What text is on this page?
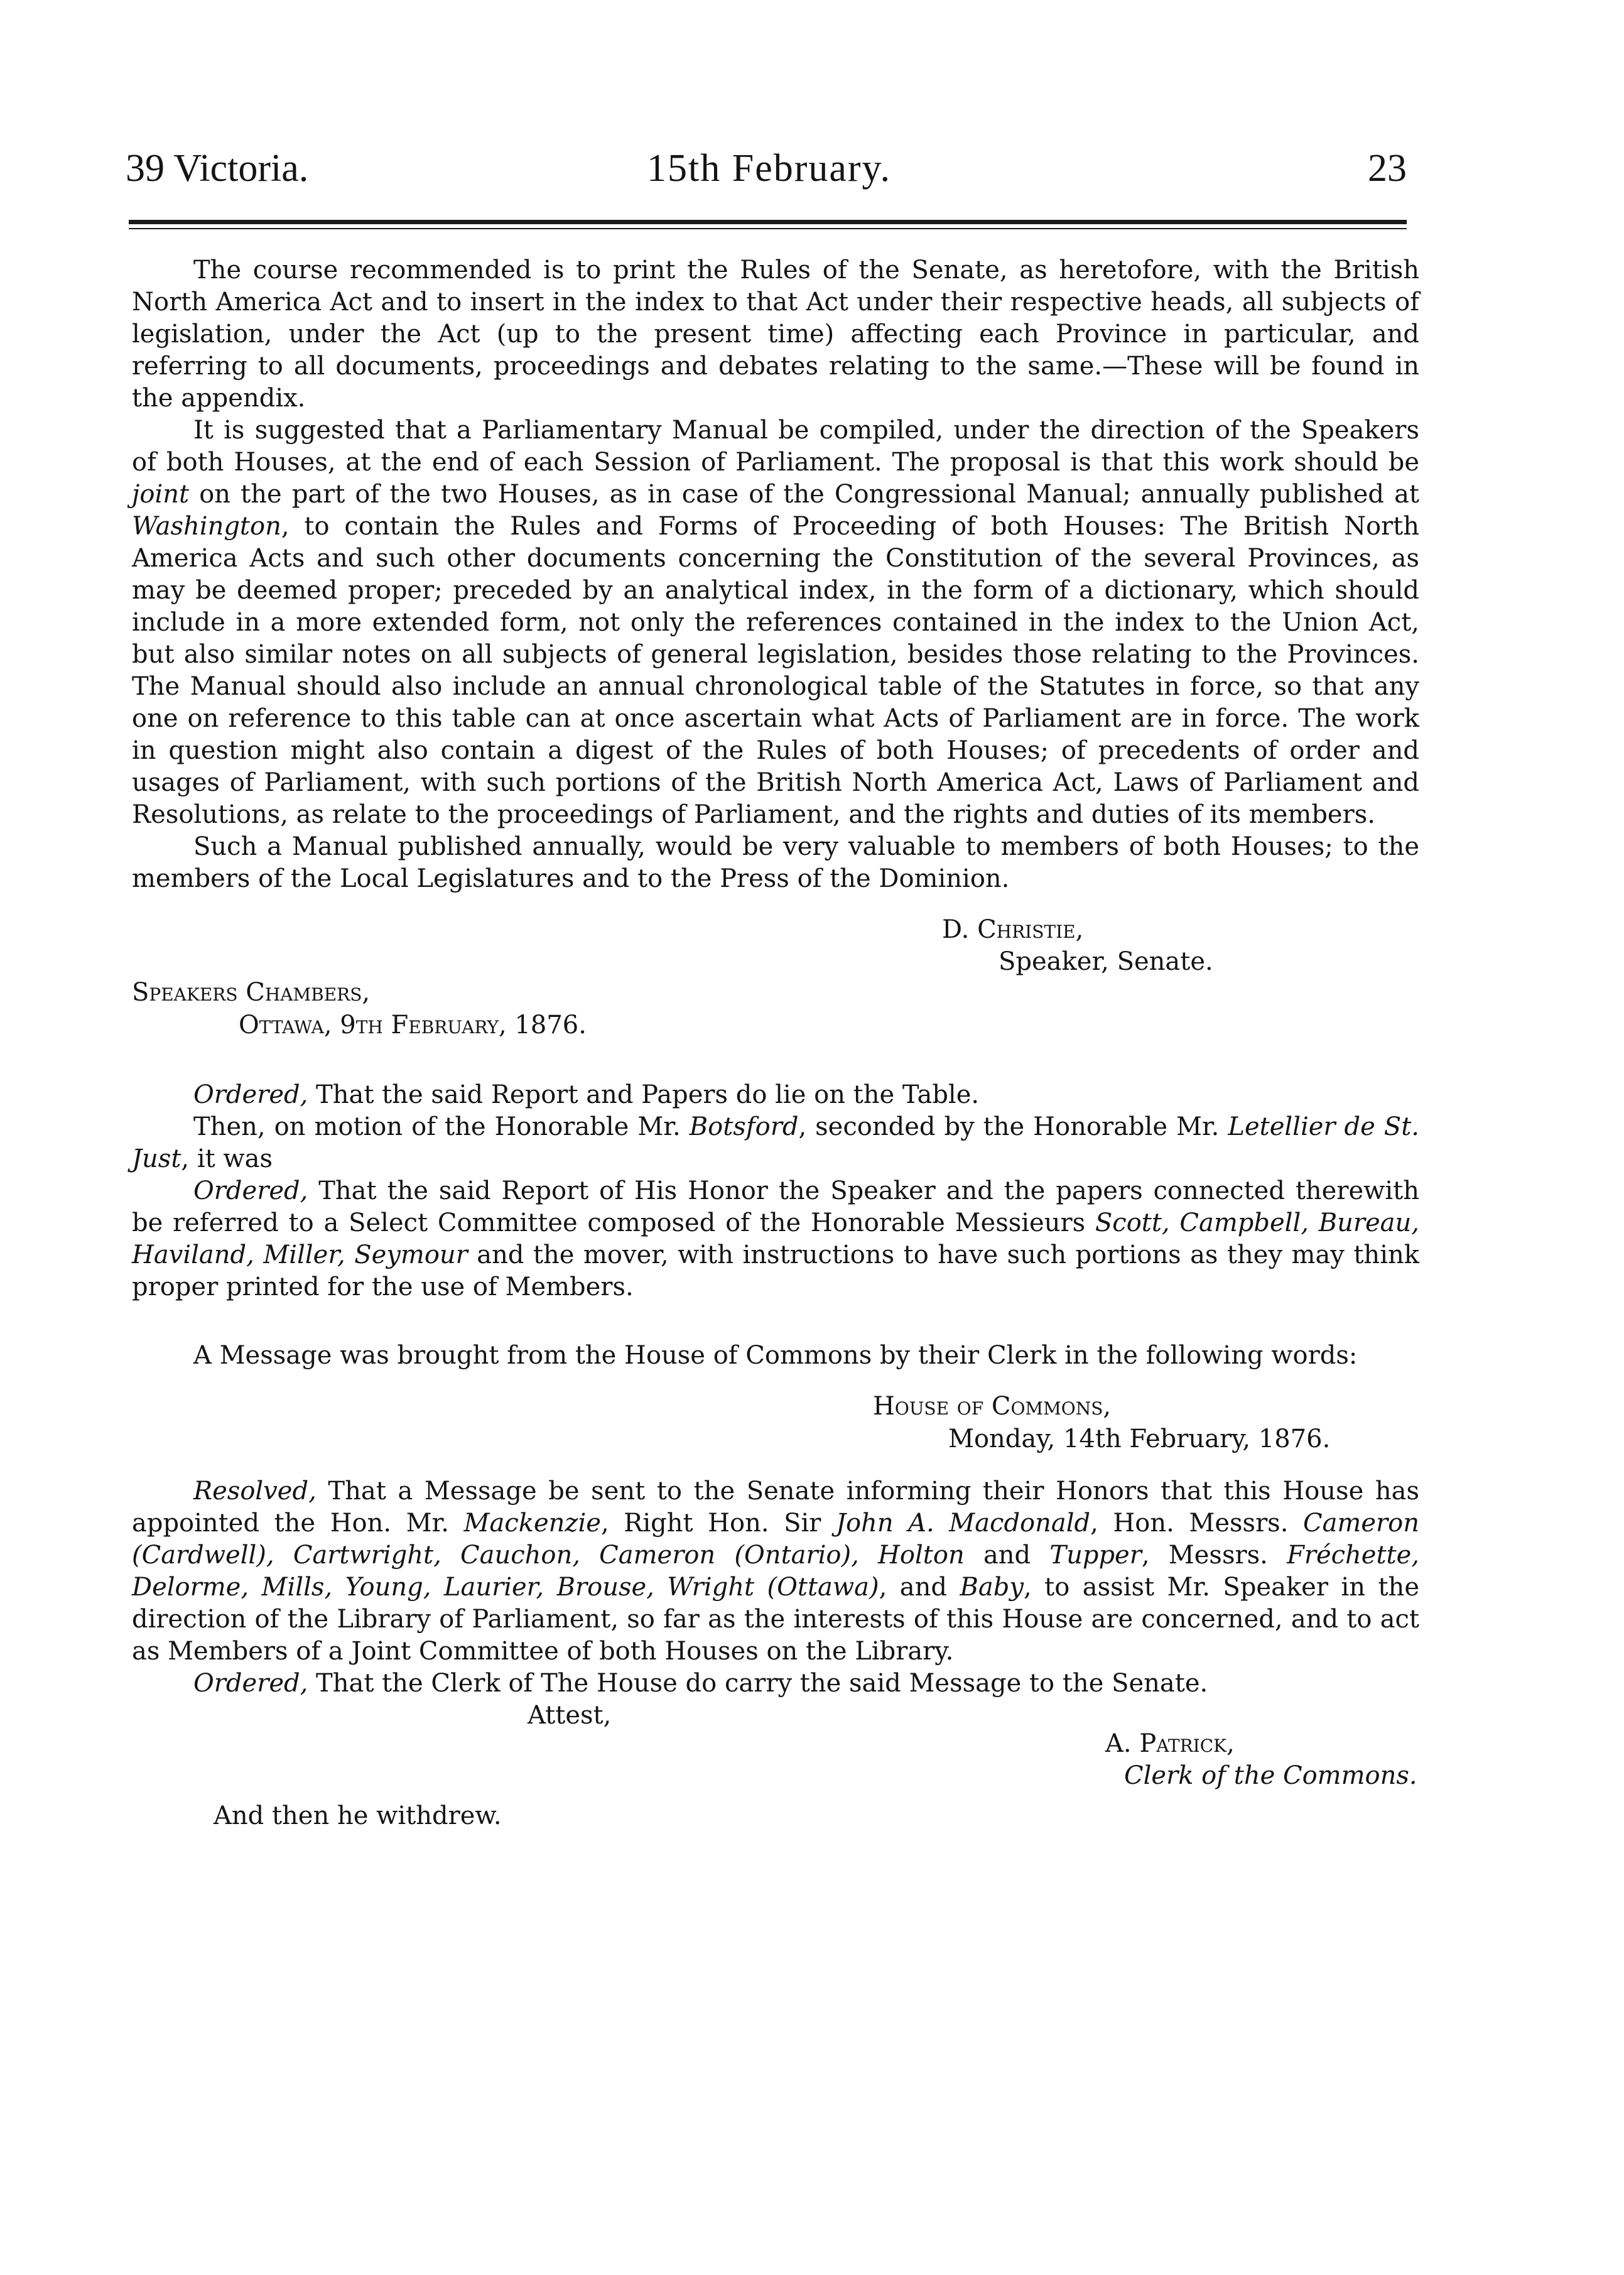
39 Victoria.	15th February.	23

The course recommended is to print the Rules of the Senate, as heretofore, with the British North America Act and to insert in the index to that Act under their respective heads, all subjects of legislation, under the Act (up to the present time) affecting each Province in particular, and referring to all documents, proceedings and debates relating to the same.—These will be found in the appendix.

It is suggested that a Parliamentary Manual be compiled, under the direction of the Speakers of both Houses, at the end of each Session of Parliament. The proposal is that this work should be joint on the part of the two Houses, as in case of the Congressional Manual; annually published at Washington, to contain the Rules and Forms of Proceeding of both Houses: The British North America Acts and such other documents concerning the Constitution of the several Provinces, as may be deemed proper; preceded by an analytical index, in the form of a dictionary, which should include in a more extended form, not only the references contained in the index to the Union Act, but also similar notes on all subjects of general legislation, besides those relating to the Provinces. The Manual should also include an annual chronological table of the Statutes in force, so that any one on reference to this table can at once ascertain what Acts of Parliament are in force. The work in question might also contain a digest of the Rules of both Houses; of precedents of order and usages of Parliament, with such portions of the British North America Act, Laws of Parliament and Resolutions, as relate to the proceedings of Parliament, and the rights and duties of its members.

Such a Manual published annually, would be very valuable to members of both Houses; to the members of the Local Legislatures and to the Press of the Dominion.

D. Christie,
Speaker, Senate.
Speakers Chambers,
Ottawa, 9th February, 1876.

Ordered, That the said Report and Papers do lie on the Table.

Then, on motion of the Honorable Mr. Botsford, seconded by the Honorable Mr. Letellier de St. Just, it was

Ordered, That the said Report of His Honor the Speaker and the papers connected therewith be referred to a Select Committee composed of the Honorable Messieurs Scott, Campbell, Bureau, Haviland, Miller, Seymour and the mover, with instructions to have such portions as they may think proper printed for the use of Members.

A Message was brought from the House of Commons by their Clerk in the following words:

House of Commons,
Monday, 14th February, 1876.

Resolved, That a Message be sent to the Senate informing their Honors that this House has appointed the Hon. Mr. Mackenzie, Right Hon. Sir John A. Macdonald, Hon. Messrs. Cameron (Cardwell), Cartwright, Cauchon, Cameron (Ontario), Holton and Tupper, Messrs. Fréchette, Delorme, Mills, Young, Laurier, Brouse, Wright (Ottawa), and Baby, to assist Mr. Speaker in the direction of the Library of Parliament, so far as the interests of this House are concerned, and to act as Members of a Joint Committee of both Houses on the Library.

Ordered, That the Clerk of The House do carry the said Message to the Senate.

Attest,
A. Patrick,
Clerk of the Commons.
And then he withdrew.
